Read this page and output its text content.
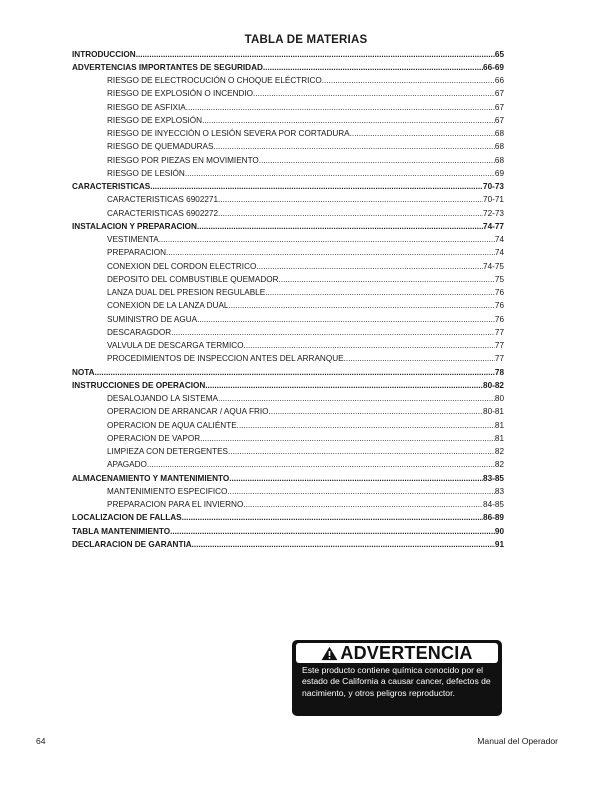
TABLA DE MATERIAS
INTRODUCCION .....	65
ADVERTENCIAS IMPORTANTES DE SEGURIDAD .....	66-69
RIESGO DE ELECTROCUCIÓN O CHOQUE ELÉCTRICO .....	66
RIESGO DE EXPLOSIÓN O INCENDIO .....	67
RIESGO DE ASFIXIA .....	67
RIESGO DE EXPLOSIÓN .....	67
RIESGO DE INYECCIÓN O LESIÓN SEVERA POR CORTADURA .....	68
RIESGO DE QUEMADURAS .....	68
RIESGO POR PIEZAS EN MOVIMIENTO .....	68
RIESGO DE LESIÓN .....	69
CARACTERISTICAS .....	70-73
CARACTERISTICAS 6902271 .....	70-71
CARACTERISTICAS 6902272 .....	72-73
INSTALACION Y PREPARACION .....	74-77
VESTIMENTA .....	74
PREPARACION .....	74
CONEXION DEL CORDON ELECTRICO .....	74-75
DEPOSITO DEL COMBUSTIBLE QUEMADOR .....	75
LANZA DUAL DEL PRESION REGULABLE .....	76
CONEXION DE LA LANZA DUAL .....	76
SUMINISTRO DE AGUA .....	76
DESCARAGDOR .....	77
VALVULA DE DESCARGA TERMICO .....	77
PROCEDIMIENTOS DE INSPECCION ANTES DEL ARRANQUE .....	77
NOTA .....	78
INSTRUCCIONES DE OPERACION .....	80-82
DESALOJANDO LA SISTEMA .....	80
OPERACION DE ARRANCAR / AQUA FRIO .....	80-81
OPERACION DE AQUA CALIÉNTE .....	81
OPERACION DE VAPOR .....	81
LIMPIEZA CON DETERGENTES .....	82
APAGADO .....	82
ALMACENAMIENTO Y MANTENIMIENTO .....	83-85
MANTENIMIENTO ESPECIFICO .....	83
PREPARACION PARA EL INVIERNO .....	84-85
LOCALIZACION DE FALLAS .....	86-89
TABLA MANTENIMIENTO .....	90
DECLARACION DE GARANTIA .....	91
ADVERTENCIA

Este producto contiene química conocido por el estado de California a causar cancer, defectos de nacimiento, y otros peligros reproductor.

64	Manual del Operador
